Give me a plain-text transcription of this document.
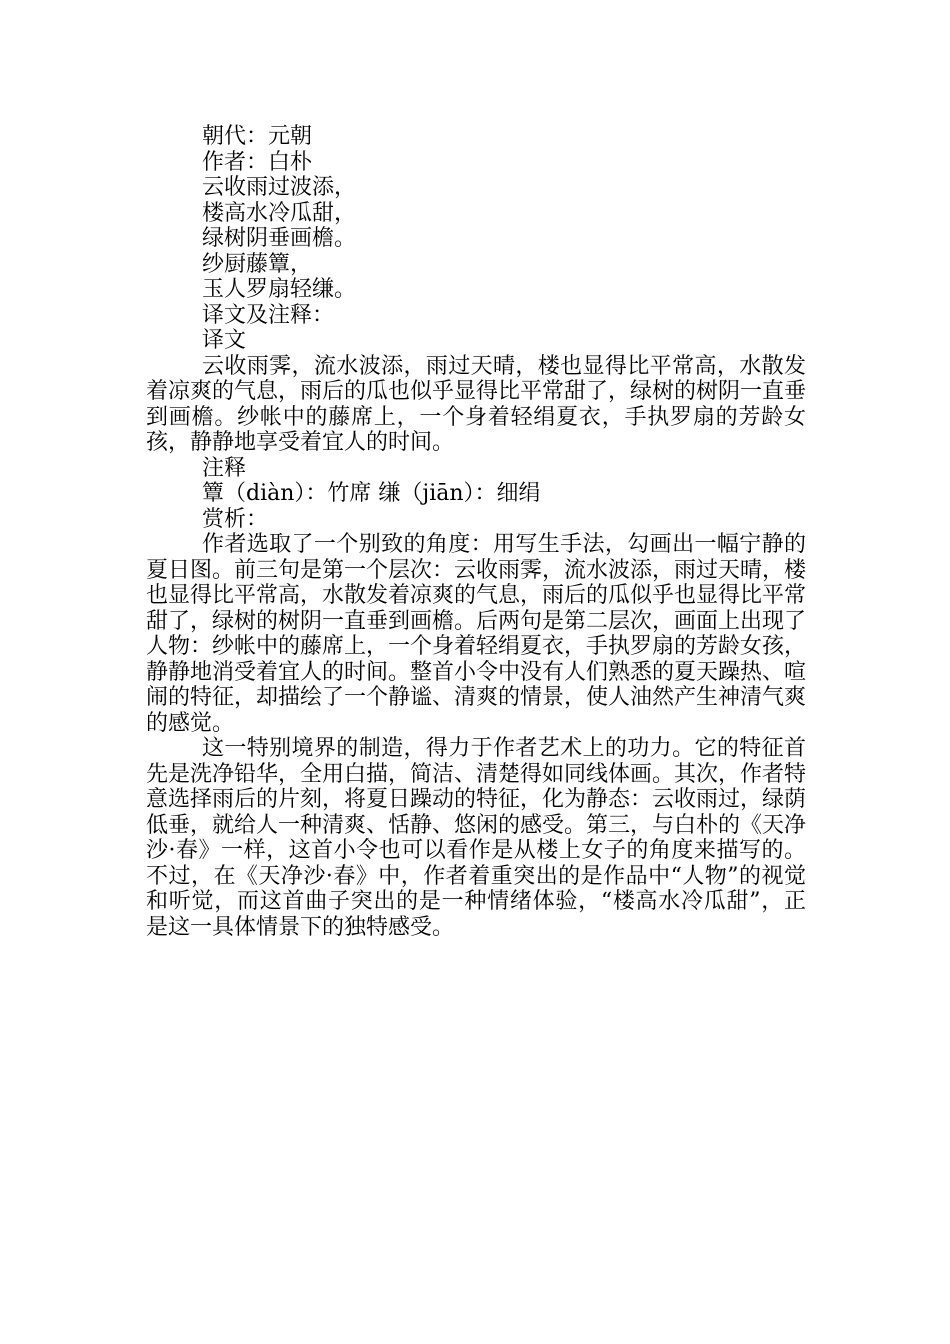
朝代：元朝

作者：白朴

云收雨过波添，

楼高水冷瓜甜，

绿树阴垂画檐。

纱厨藤簟，

玉人罗扇轻缣。

译文及注释：

译文

云收雨霁，流水波添，雨过天晴，楼也显得比平常高，水散发着凉爽的气息，雨后的瓜也似乎显得比平常甜了，绿树的树阴一直垂到画檐。纱帐中的藤席上，一个身着轻绢夏衣，手执罗扇的芳龄女孩，静静地享受着宜人的时间。

注释

簟（diàn）：竹席 缣（jiān）：细绢

赏析：

作者选取了一个别致的角度：用写生手法，勾画出一幅宁静的夏日图。前三句是第一个层次：云收雨霁，流水波添，雨过天晴，楼也显得比平常高，水散发着凉爽的气息，雨后的瓜似乎也显得比平常甜了，绿树的树阴一直垂到画檐。后两句是第二层次，画面上出现了人物：纱帐中的藤席上，一个身着轻绢夏衣，手执罗扇的芳龄女孩，静静地消受着宜人的时间。整首小令中没有人们熟悉的夏天躁热、喧闹的特征，却描绘了一个静谧、清爽的情景，使人油然产生神清气爽的感觉。

这一特别境界的制造，得力于作者艺术上的功力。它的特征首先是洗净铅华，全用白描，简洁、清楚得如同线体画。其次，作者特意选择雨后的片刻，将夏日躁动的特征，化为静态：云收雨过，绿荫低垂，就给人一种清爽、恬静、悠闲的感受。第三，与白朴的《天净沙·春》一样，这首小令也可以看作是从楼上女子的角度来描写的。不过，在《天净沙·春》中，作者着重突出的是作品中“人物”的视觉和听觉，而这首曲子突出的是一种情绪体验，“楼高水冷瓜甜”，正是这一具体情景下的独特感受。
